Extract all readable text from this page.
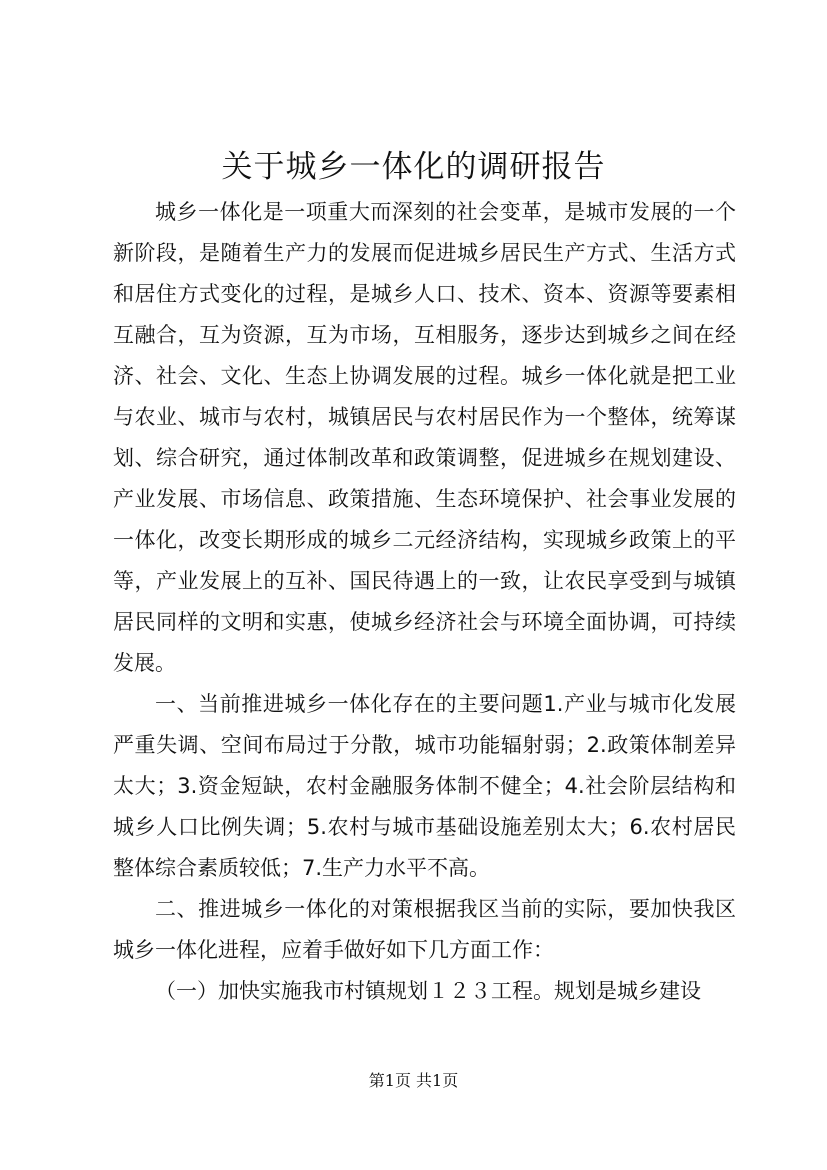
关于城乡一体化的调研报告

城乡一体化是一项重大而深刻的社会变革，是城市发展的一个新阶段，是随着生产力的发展而促进城乡居民生产方式、生活方式和居住方式变化的过程，是城乡人口、技术、资本、资源等要素相互融合，互为资源，互为市场，互相服务，逐步达到城乡之间在经济、社会、文化、生态上协调发展的过程。城乡一体化就是把工业与农业、城市与农村，城镇居民与农村居民作为一个整体，统筹谋划、综合研究，通过体制改革和政策调整，促进城乡在规划建设、产业发展、市场信息、政策措施、生态环境保护、社会事业发展的一体化，改变长期形成的城乡二元经济结构，实现城乡政策上的平等，产业发展上的互补、国民待遇上的一致，让农民享受到与城镇居民同样的文明和实惠，使城乡经济社会与环境全面协调，可持续发展。

一、当前推进城乡一体化存在的主要问题1.产业与城市化发展严重失调、空间布局过于分散，城市功能辐射弱；2.政策体制差异太大；3.资金短缺，农村金融服务体制不健全；4.社会阶层结构和城乡人口比例失调；5.农村与城市基础设施差别太大；6.农村居民整体综合素质较低；7.生产力水平不高。

二、推进城乡一体化的对策根据我区当前的实际，要加快我区城乡一体化进程，应着手做好如下几方面工作：

（一）加快实施我市村镇规划１２３工程。规划是城乡建设

第1页 共1页
